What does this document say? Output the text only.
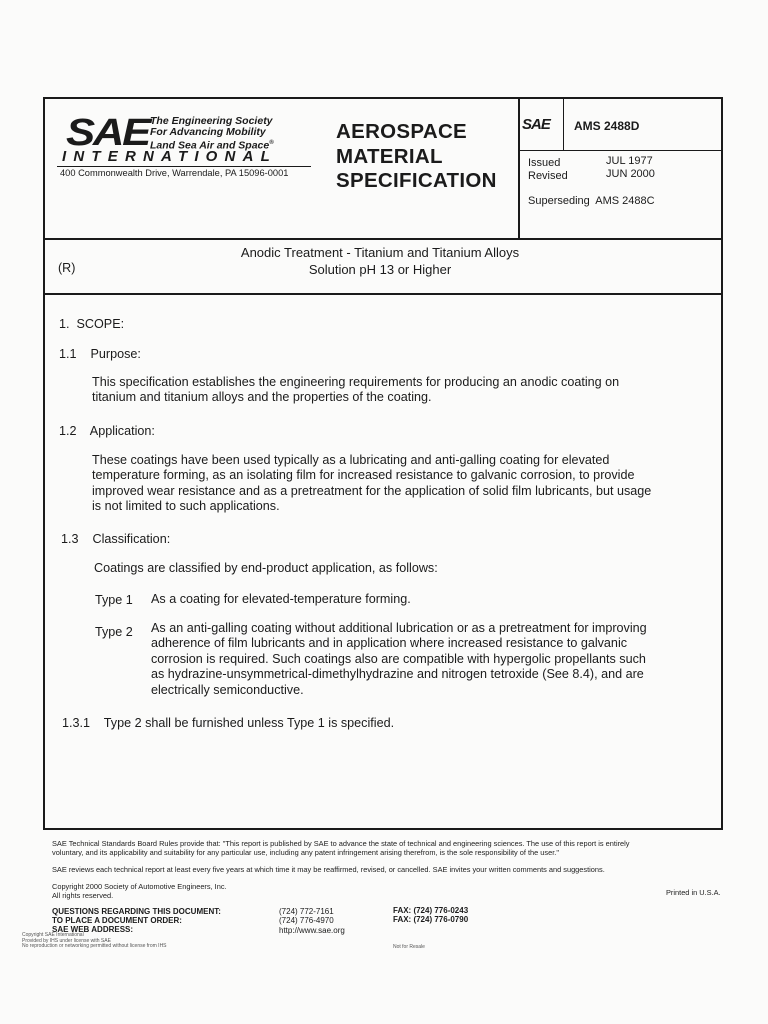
SAE The Engineering Society
For Advancing Mobility
Land Sea Air and Space®
INTERNATIONAL
400 Commonwealth Drive, Warrendale, PA 15096-0001
AEROSPACE
MATERIAL
SPECIFICATION
SAE AMS 2488D
Issued	JUL 1977
Revised	JUN 2000
Superseding  AMS 2488C
(R)
Anodic Treatment - Titanium and Titanium Alloys
Solution pH 13 or Higher
1.  SCOPE:
1.1    Purpose:
This specification establishes the engineering requirements for producing an anodic coating on
titanium and titanium alloys and the properties of the coating.
1.2    Application:
These coatings have been used typically as a lubricating and anti-galling coating for elevated
temperature forming, as an isolating film for increased resistance to galvanic corrosion, to provide
improved wear resistance and as a pretreatment for the application of solid film lubricants, but usage
is not limited to such applications.
1.3    Classification:
Coatings are classified by end-product application, as follows:
Type 1 As a coating for elevated-temperature forming.
Type 2 As an anti-galling coating without additional lubrication or as a pretreatment for improving
adherence of film lubricants and in application where increased resistance to galvanic
corrosion is required. Such coatings also are compatible with hypergolic propellants such
as hydrazine-unsymmetrical-dimethylhydrazine and nitrogen tetroxide (See 8.4), and are
electrically semiconductive.
1.3.1    Type 2 shall be furnished unless Type 1 is specified.
SAE Technical Standards Board Rules provide that: "This report is published by SAE to advance the state of technical and engineering sciences. The use of this report is entirely
voluntary, and its applicability and suitability for any particular use, including any patent infringement arising therefrom, is the sole responsibility of the user."
SAE reviews each technical report at least every five years at which time it may be reaffirmed, revised, or cancelled. SAE invites your written comments and suggestions.
Copyright 2000 Society of Automotive Engineers, Inc.
All rights reserved.	Printed in U.S.A.
QUESTIONS REGARDING THIS DOCUMENT:	(724) 772-7161	FAX: (724) 776-0243
TO PLACE A DOCUMENT ORDER:	(724) 776-4970	FAX: (724) 776-0790
SAE WEB ADDRESS:	http://www.sae.org
Copyright SAE International
Provided by IHS under license with SAE
No reproduction or networking permitted without license from IHS	Not for Resale
